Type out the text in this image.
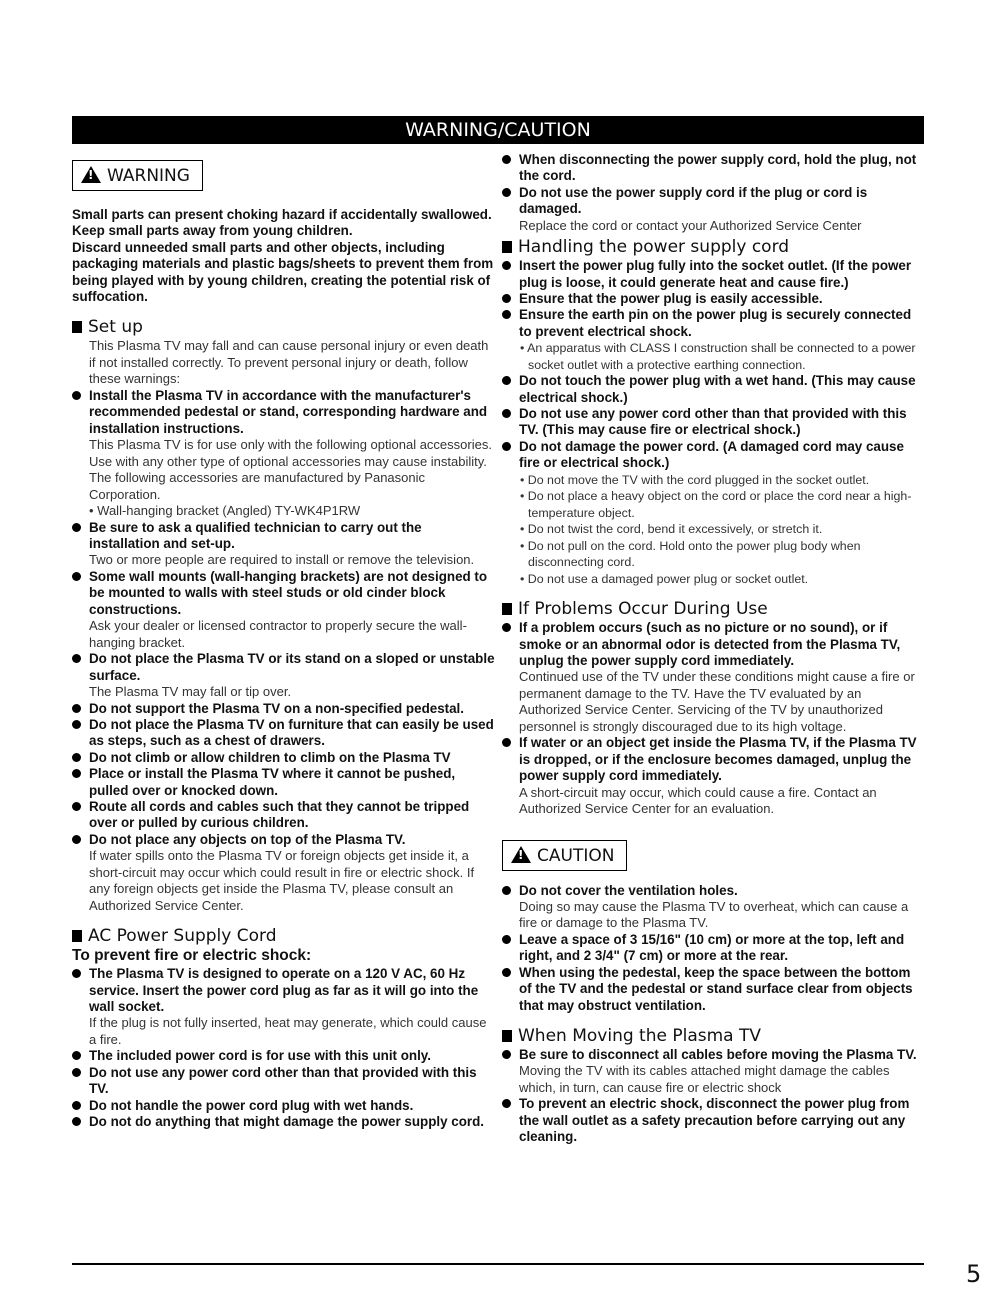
WARNING/CAUTION
!WARNING

Small parts can present choking hazard if accidentally swallowed.

Keep small parts away from young children.

Discard unneeded small parts and other objects, including packaging materials and plastic bags/sheets to prevent them from being played with by young children, creating the potential risk of suffocation.

Set up

This Plasma TV may fall and can cause personal injury or even death if not installed correctly. To prevent personal injury or death, follow these warnings:

Install the Plasma TV in accordance with the manufacturer's recommended pedestal or stand, corresponding hardware and installation instructions.

This Plasma TV is for use only with the following optional accessories. Use with any other type of optional accessories may cause instability. The following accessories are manufactured by Panasonic Corporation.

• Wall-hanging bracket (Angled) TY-WK4P1RW

Be sure to ask a qualified technician to carry out the installation and set-up.

Two or more people are required to install or remove the television.

Some wall mounts (wall-hanging brackets) are not designed to be mounted to walls with steel studs or old cinder block constructions.

Ask your dealer or licensed contractor to properly secure the wall-hanging bracket.

Do not place the Plasma TV or its stand on a sloped or unstable surface.

The Plasma TV may fall or tip over.

Do not support the Plasma TV on a non-specified pedestal.

Do not place the Plasma TV on furniture that can easily be used as steps, such as a chest of drawers.

Do not climb or allow children to climb on the Plasma TV

Place or install the Plasma TV where it cannot be pushed, pulled over or knocked down.

Route all cords and cables such that they cannot be tripped over or pulled by curious children.

Do not place any objects on top of the Plasma TV.

If water spills onto the Plasma TV or foreign objects get inside it, a short-circuit may occur which could result in fire or electric shock. If any foreign objects get inside the Plasma TV, please consult an Authorized Service Center.

AC Power Supply Cord

To prevent fire or electric shock:

The Plasma TV is designed to operate on a 120 V AC, 60 Hz service. Insert the power cord plug as far as it will go into the wall socket.

If the plug is not fully inserted, heat may generate, which could cause a fire.

The included power cord is for use with this unit only.

Do not use any power cord other than that provided with this TV.

Do not handle the power cord plug with wet hands.

Do not do anything that might damage the power supply cord.

When disconnecting the power supply cord, hold the plug, not the cord.

Do not use the power supply cord if the plug or cord is damaged.

Replace the cord or contact your Authorized Service Center

Handling the power supply cord

Insert the power plug fully into the socket outlet. (If the power plug is loose, it could generate heat and cause fire.)

Ensure that the power plug is easily accessible.

Ensure the earth pin on the power plug is securely connected to prevent electrical shock.

• An apparatus with CLASS I construction shall be connected to a power socket outlet with a protective earthing connection.

Do not touch the power plug with a wet hand. (This may cause electrical shock.)

Do not use any power cord other than that provided with this TV. (This may cause fire or electrical shock.)

Do not damage the power cord. (A damaged cord may cause fire or electrical shock.)

• Do not move the TV with the cord plugged in the socket outlet.

• Do not place a heavy object on the cord or place the cord near a high-temperature object.

• Do not twist the cord, bend it excessively, or stretch it.

• Do not pull on the cord. Hold onto the power plug body when disconnecting cord.

• Do not use a damaged power plug or socket outlet.

If Problems Occur During Use

If a problem occurs (such as no picture or no sound), or if smoke or an abnormal odor is detected from the Plasma TV, unplug the power supply cord immediately.

Continued use of the TV under these conditions might cause a fire or permanent damage to the TV. Have the TV evaluated by an Authorized Service Center. Servicing of the TV by unauthorized personnel is strongly discouraged due to its high voltage.

If water or an object get inside the Plasma TV, if the Plasma TV is dropped, or if the enclosure becomes damaged, unplug the power supply cord immediately.

A short-circuit may occur, which could cause a fire. Contact an Authorized Service Center for an evaluation.

!CAUTION

Do not cover the ventilation holes.

Doing so may cause the Plasma TV to overheat, which can cause a fire or damage to the Plasma TV.

Leave a space of 3 15/16" (10 cm) or more at the top, left and right, and 2 3/4" (7 cm) or more at the rear.

When using the pedestal, keep the space between the bottom of the TV and the pedestal or stand surface clear from objects that may obstruct ventilation.

When Moving the Plasma TV

Be sure to disconnect all cables before moving the Plasma TV.

Moving the TV with its cables attached might damage the cables which, in turn, can cause fire or electric shock

To prevent an electric shock, disconnect the power plug from the wall outlet as a safety precaution before carrying out any cleaning.

5
